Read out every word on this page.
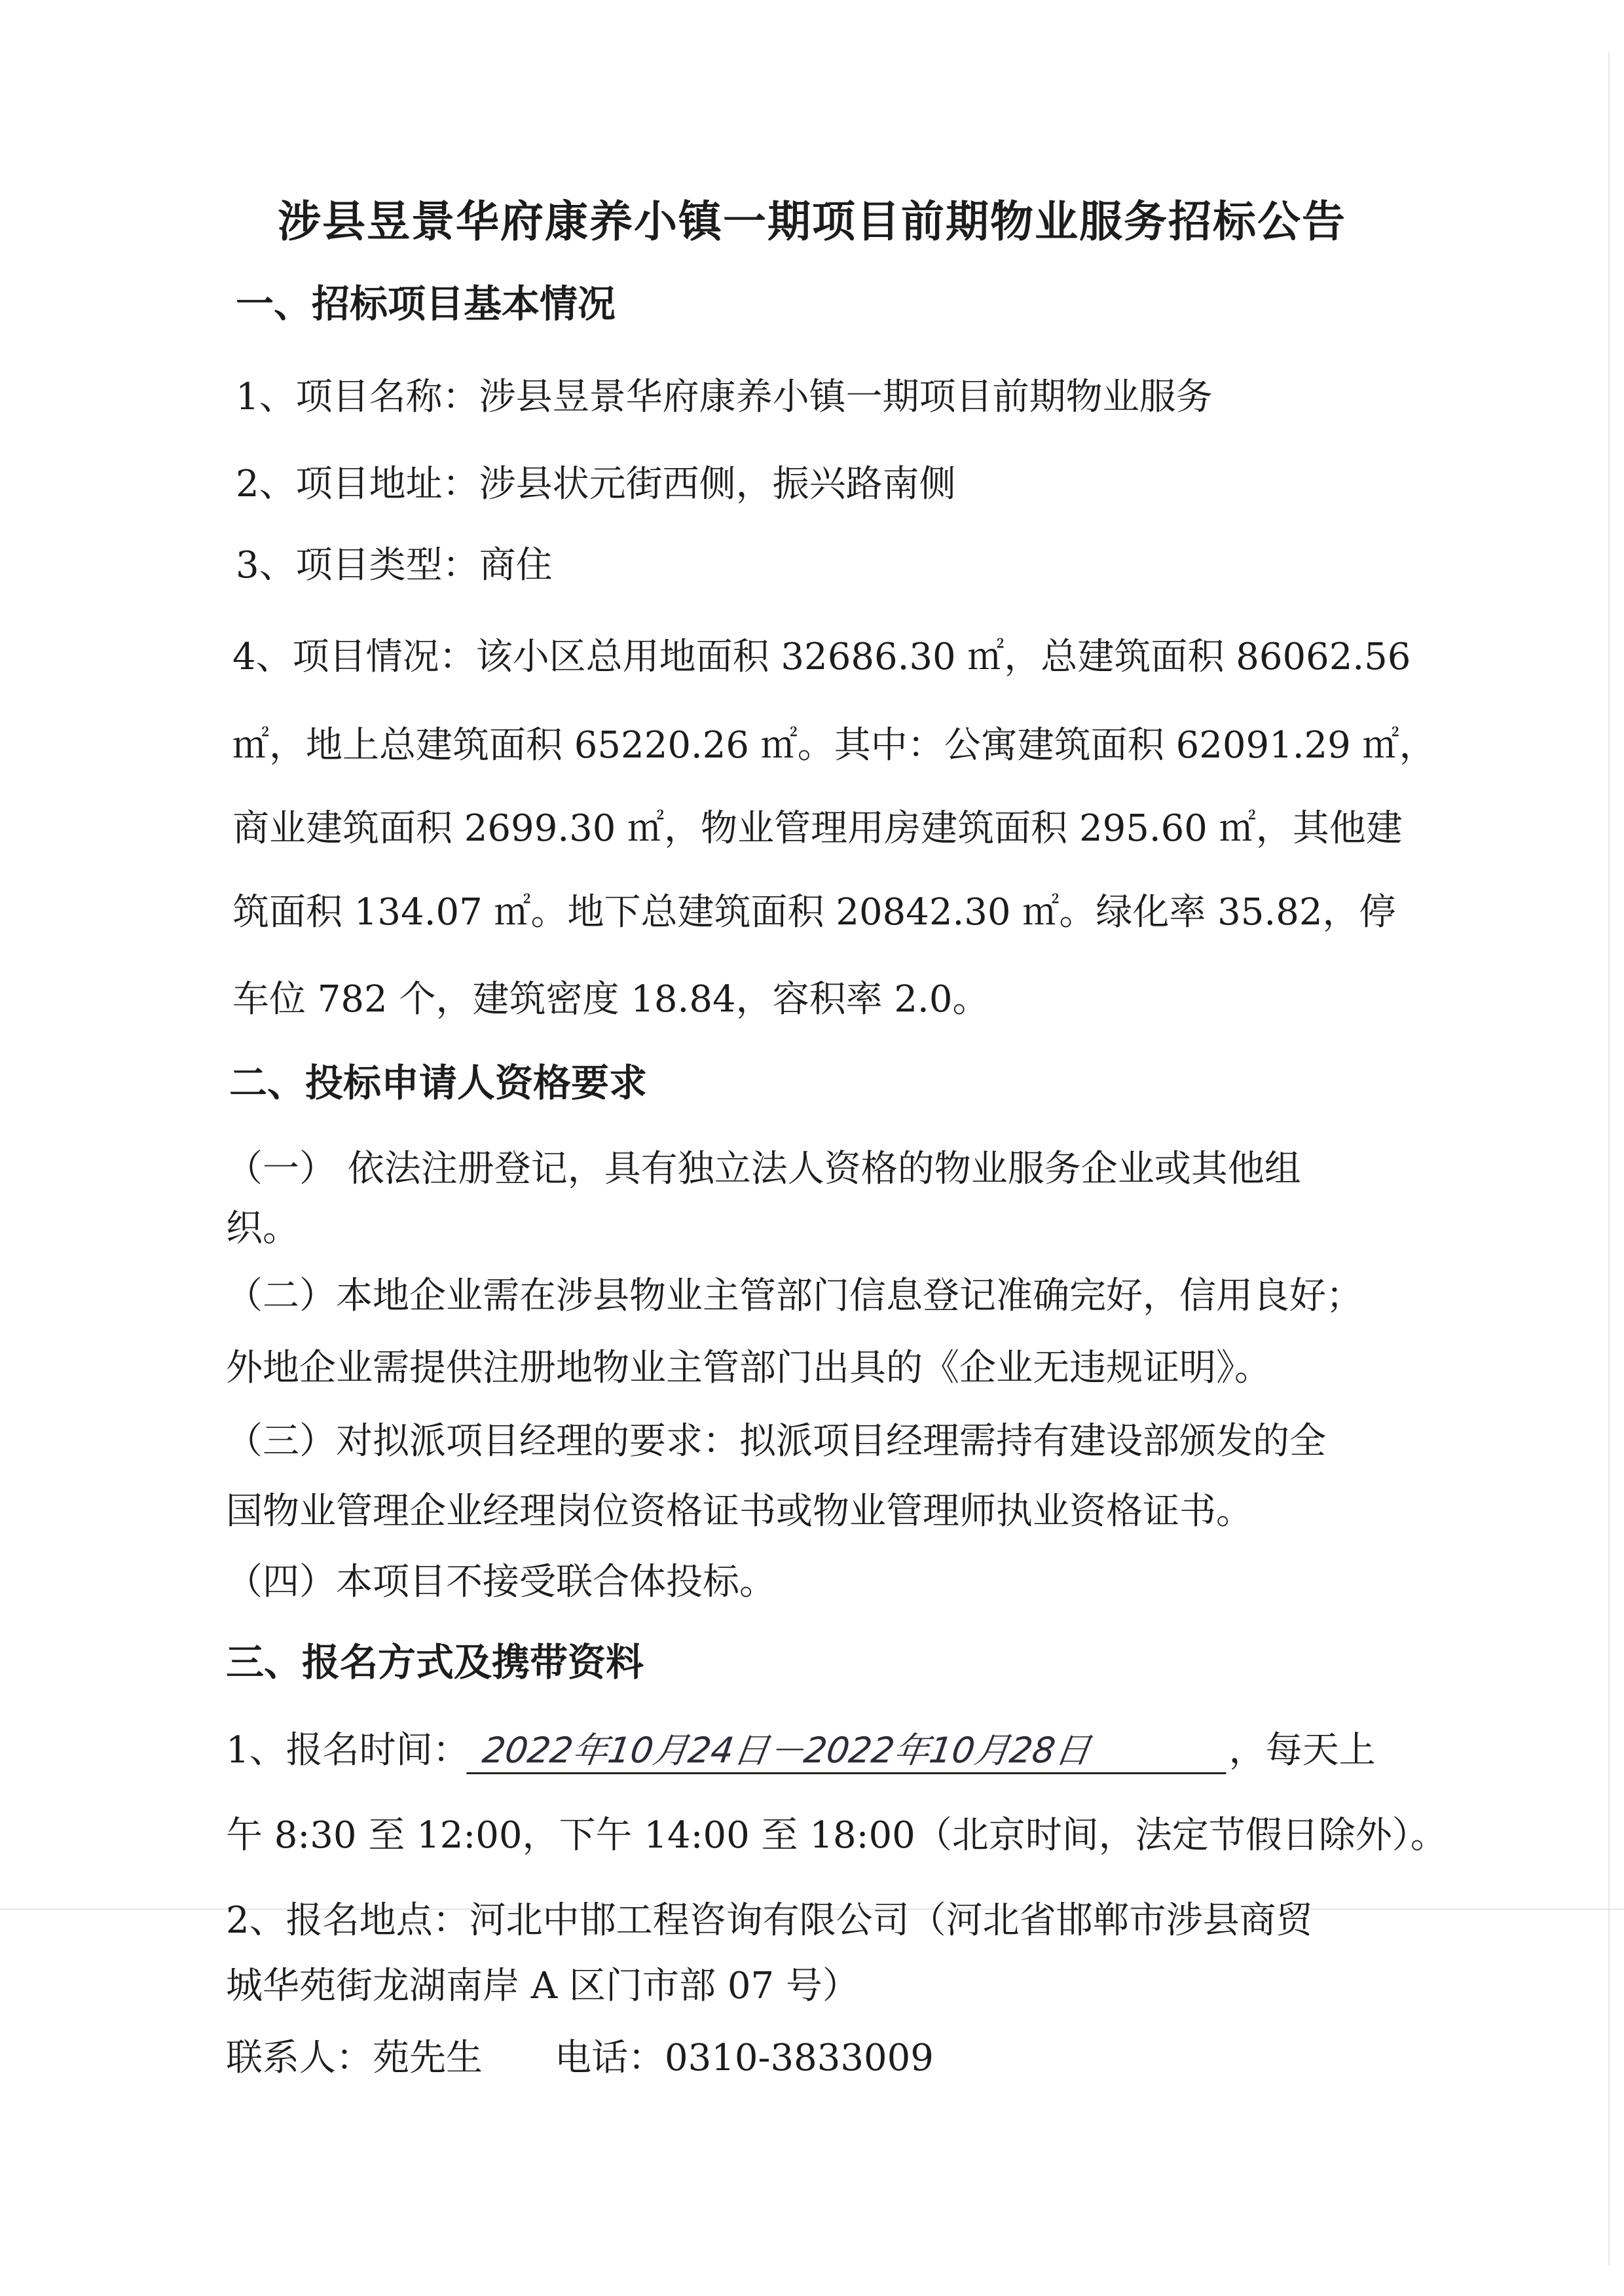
涉县昱景华府康养小镇一期项目前期物业服务招标公告
一、招标项目基本情况
1、项目名称：涉县昱景华府康养小镇一期项目前期物业服务
2、项目地址：涉县状元街西侧，振兴路南侧
3、项目类型：商住
4、项目情况：该小区总用地面积 32686.30 ㎡，总建筑面积 86062.56
㎡，地上总建筑面积 65220.26 ㎡。其中：公寓建筑面积 62091.29 ㎡，
商业建筑面积 2699.30 ㎡，物业管理用房建筑面积 295.60 ㎡，其他建
筑面积 134.07 ㎡。地下总建筑面积 20842.30 ㎡。绿化率 35.82，停
车位 782 个，建筑密度 18.84，容积率 2.0。
二、投标申请人资格要求
（一） 依法注册登记，具有独立法人资格的物业服务企业或其他组
织。
（二）本地企业需在涉县物业主管部门信息登记准确完好，信用良好；
外地企业需提供注册地物业主管部门出具的《企业无违规证明》。
（三）对拟派项目经理的要求：拟派项目经理需持有建设部颁发的全
国物业管理企业经理岗位资格证书或物业管理师执业资格证书。
（四）本项目不接受联合体投标。
三、报名方式及携带资料
1、报名时间： 2022年10月24日－2022年10月28日	，每天上
午 8:30 至 12:00，下午 14:00 至 18:00（北京时间，法定节假日除外）。
2、报名地点：河北中邯工程咨询有限公司（河北省邯郸市涉县商贸
城华苑街龙湖南岸 A 区门市部 07 号）
联系人：苑先生 电话：0310-3833009
